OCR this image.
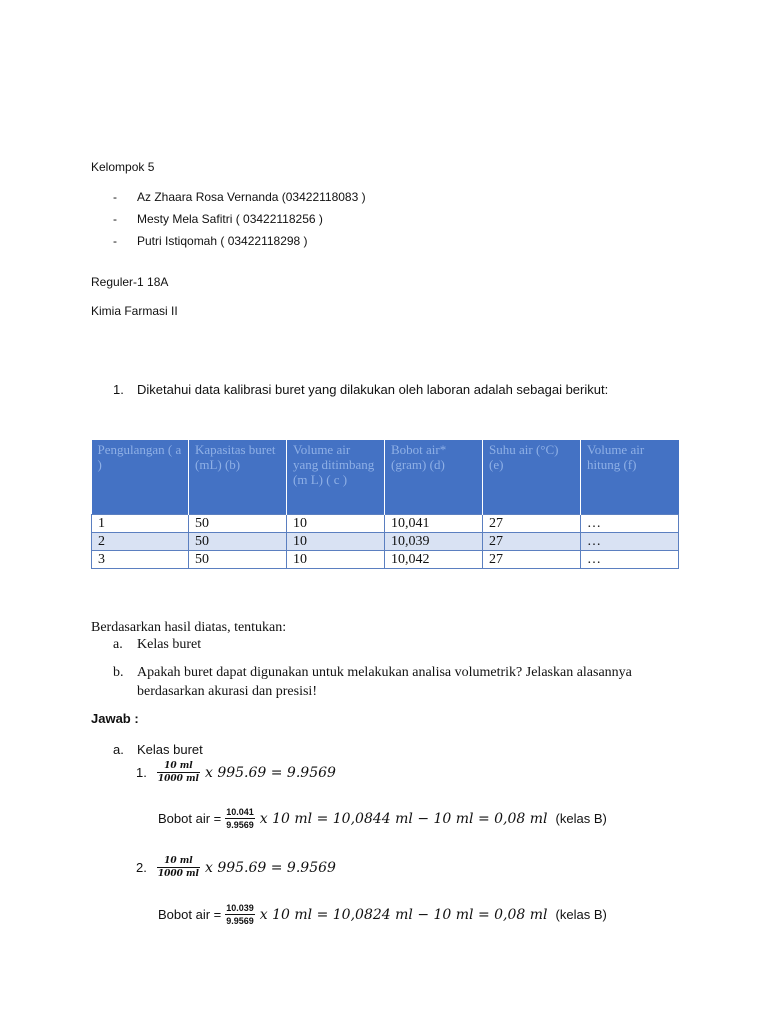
Kelompok 5
- Az Zhaara Rosa Vernanda (03422118083 )
- Mesty Mela Safitri ( 03422118256 )
- Putri Istiqomah ( 03422118298 )
Reguler-1 18A
Kimia Farmasi II
1. Diketahui data kalibrasi buret yang dilakukan oleh laboran adalah sebagai berikut:
Pengulangan ( a )	Kapasitas buret (mL) (b)	Volume air yang ditimbang (m L) ( c )	Bobot air* (gram) (d)	Suhu air (°C) (e)	Volume air hitung (f)
1	50	10	10,041	27	…
2	50	10	10,039	27	…
3	50	10	10,042	27	…
Berdasarkan hasil diatas, tentukan:
a. Kelas buret
b. Apakah buret dapat digunakan untuk melakukan analisa volumetrik? Jelaskan alasannya
berdasarkan akurasi dan presisi!
Jawab :
a. Kelas buret
1. $\frac{10 ml}{1000 ml}$ x 995.69 = 9.9569
Bobot air = $\frac{10.041}{9.9569}$ x 10 ml = 10,0844 ml − 10 ml = 0,08 ml (kelas B)
2. $\frac{10 ml}{1000 ml}$ x 995.69 = 9.9569
Bobot air = $\frac{10.039}{9.9569}$ x 10 ml = 10,0824 ml − 10 ml = 0,08 ml (kelas B)
